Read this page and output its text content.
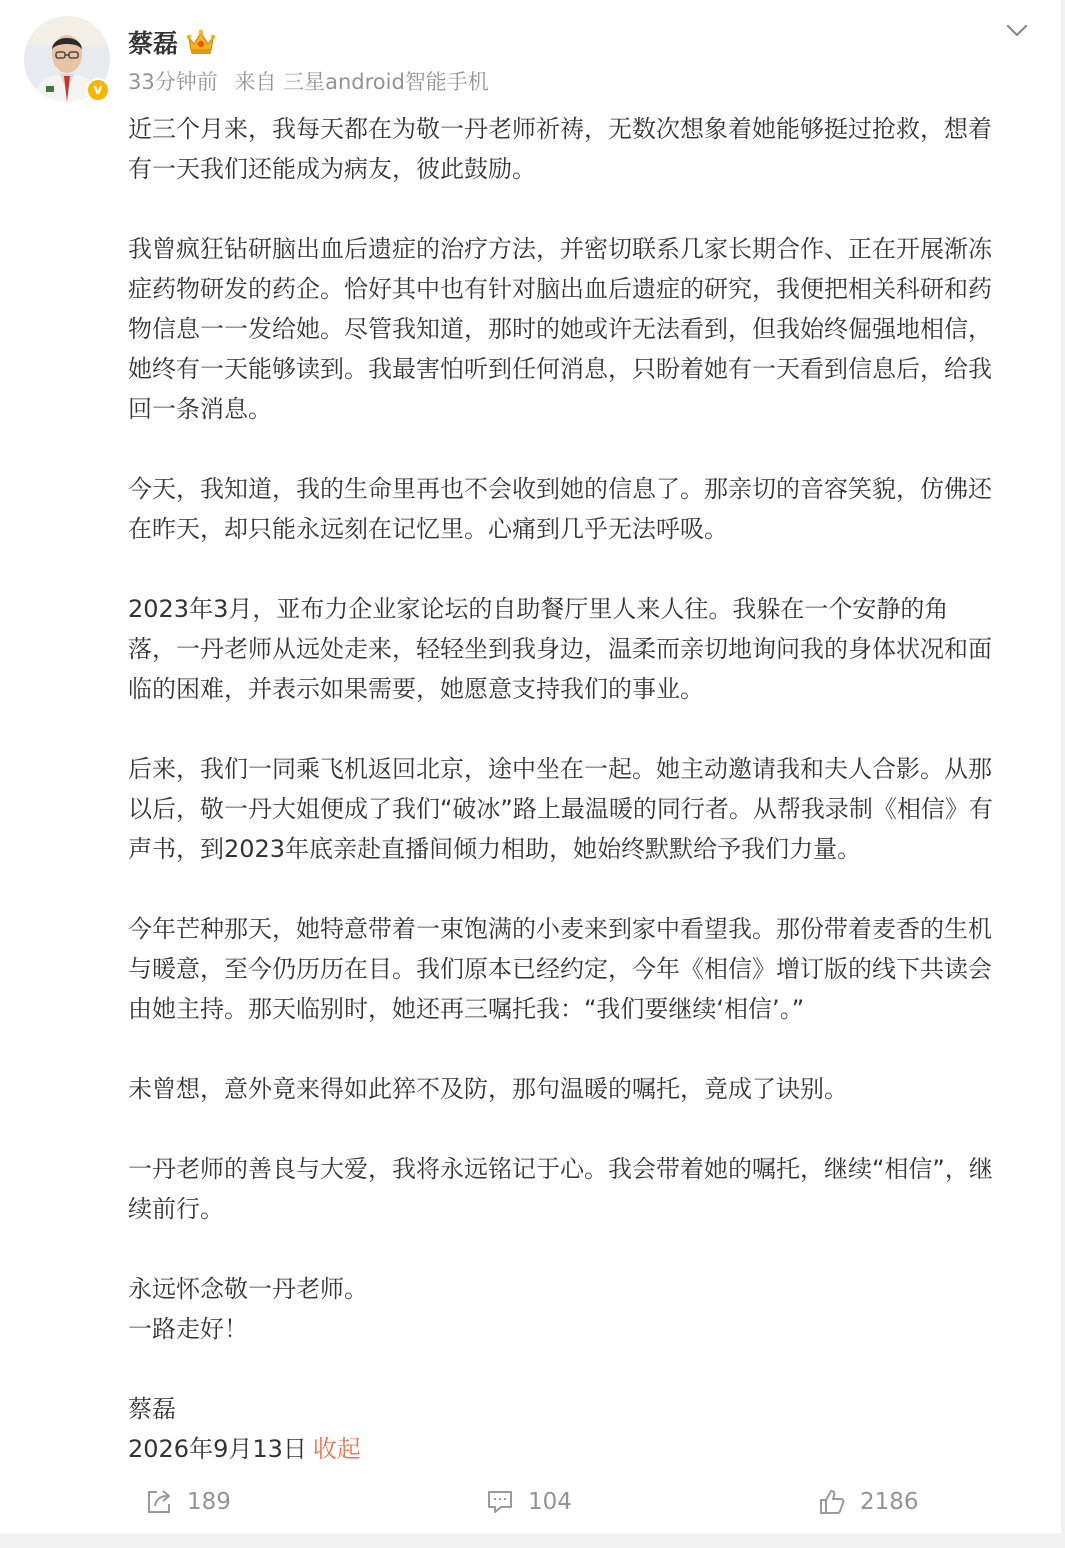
v
蔡磊
33分钟前 来自 三星android智能手机

近三个月来，我每天都在为敬一丹老师祈祷，无数次想象着她能够挺过抢救，想着
有一天我们还能成为病友，彼此鼓励。

我曾疯狂钻研脑出血后遗症的治疗方法，并密切联系几家长期合作、正在开展渐冻
症药物研发的药企。恰好其中也有针对脑出血后遗症的研究，我便把相关科研和药
物信息一一发给她。尽管我知道，那时的她或许无法看到，但我始终倔强地相信，
她终有一天能够读到。我最害怕听到任何消息，只盼着她有一天看到信息后，给我
回一条消息。

今天，我知道，我的生命里再也不会收到她的信息了。那亲切的音容笑貌，仿佛还
在昨天，却只能永远刻在记忆里。心痛到几乎无法呼吸。

2023年3月，亚布力企业家论坛的自助餐厅里人来人往。我躲在一个安静的角
落，一丹老师从远处走来，轻轻坐到我身边，温柔而亲切地询问我的身体状况和面
临的困难，并表示如果需要，她愿意支持我们的事业。

后来，我们一同乘飞机返回北京，途中坐在一起。她主动邀请我和夫人合影。从那
以后，敬一丹大姐便成了我们“破冰”路上最温暖的同行者。从帮我录制《相信》有
声书，到2023年底亲赴直播间倾力相助，她始终默默给予我们力量。

今年芒种那天，她特意带着一束饱满的小麦来到家中看望我。那份带着麦香的生机
与暖意，至今仍历历在目。我们原本已经约定，今年《相信》增订版的线下共读会
由她主持。那天临别时，她还再三嘱托我：“我们要继续‘相信’。”

未曾想，意外竟来得如此猝不及防，那句温暖的嘱托，竟成了诀别。

一丹老师的善良与大爱，我将永远铭记于心。我会带着她的嘱托，继续“相信”，继
续前行。

永远怀念敬一丹老师。
一路走好！

蔡磊
2026年9月13日 收起
189	104	2186
